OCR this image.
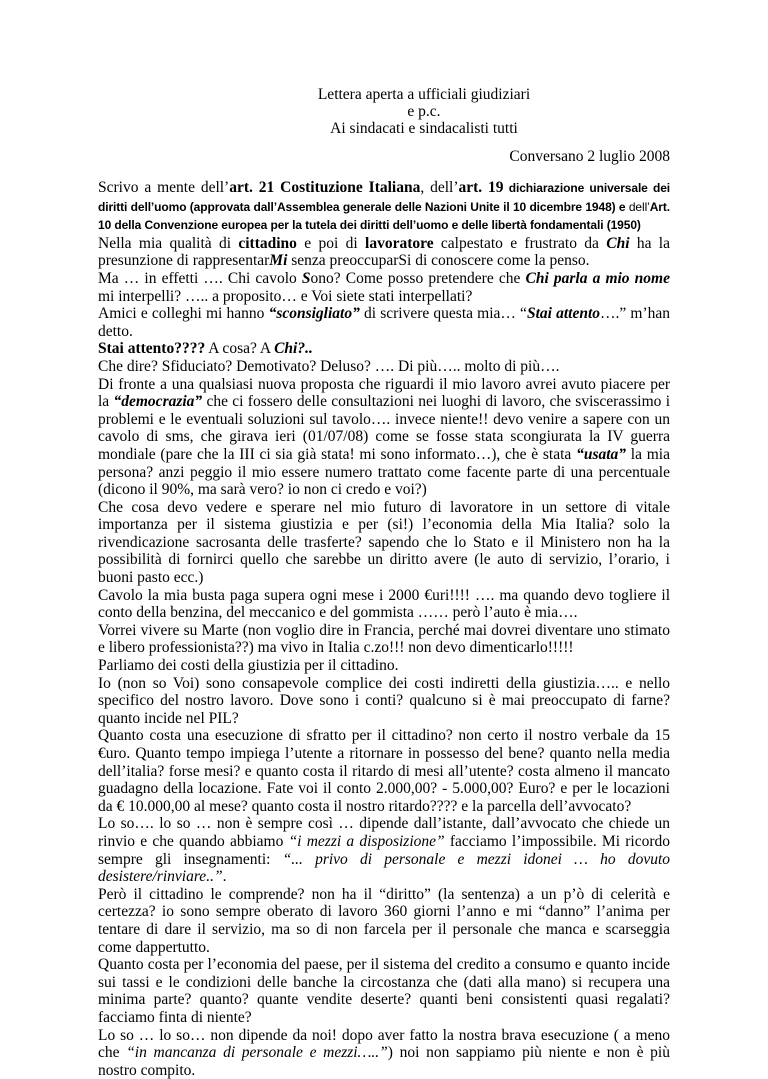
Lettera aperta a ufficiali giudiziari
e p.c.
Ai sindacati e sindacalisti tutti
Conversano 2 luglio 2008

Scrivo a mente dell’art. 21 Costituzione Italiana, dell’art. 19 dichiarazione universale dei diritti dell’uomo (approvata dall’Assemblea generale delle Nazioni Unite il 10 dicembre 1948) e dell’Art. 10 della Convenzione europea per la tutela dei diritti dell’uomo e delle libertà fondamentali (1950)

Nella mia qualità di cittadino e poi di lavoratore calpestato e frustrato da Chi ha la presunzione di rappresentarMi senza preoccuparSi di conoscere come la penso.

Ma … in effetti …. Chi cavolo Sono? Come posso pretendere che Chi parla a mio nome mi interpelli? ….. a proposito… e Voi siete stati interpellati?

Amici e colleghi mi hanno “sconsigliato” di scrivere questa mia… “Stai attento….” m’han detto.

Stai attento???? A cosa? A Chi?..

Che dire? Sfiduciato? Demotivato? Deluso? …. Di più….. molto di più….

Di fronte a una qualsiasi nuova proposta che riguardi il mio lavoro avrei avuto piacere per la “democrazia” che ci fossero delle consultazioni nei luoghi di lavoro, che sviscerassimo i problemi e le eventuali soluzioni sul tavolo…. invece niente!! devo venire a sapere con un cavolo di sms, che girava ieri (01/07/08) come se fosse stata scongiurata la IV guerra mondiale (pare che la III ci sia già stata! mi sono informato…), che è stata “usata” la mia persona? anzi peggio il mio essere numero trattato come facente parte di una percentuale (dicono il 90%, ma sarà vero? io non ci credo e voi?)

Che cosa devo vedere e sperare nel mio futuro di lavoratore in un settore di vitale importanza per il sistema giustizia e per (si!) l’economia della Mia Italia? solo la rivendicazione sacrosanta delle trasferte? sapendo che lo Stato e il Ministero non ha la possibilità di fornirci quello che sarebbe un diritto avere (le auto di servizio, l’orario, i buoni pasto ecc.)

Cavolo la mia busta paga supera ogni mese i 2000 €uri!!!! …. ma quando devo togliere il conto della benzina, del meccanico e del gommista …… però l’auto è mia….

Vorrei vivere su Marte (non voglio dire in Francia, perché mai dovrei diventare uno stimato e libero professionista??) ma vivo in Italia c.zo!!! non devo dimenticarlo!!!!!

Parliamo dei costi della giustizia per il cittadino.

Io (non so Voi) sono consapevole complice dei costi indiretti della giustizia….. e nello specifico del nostro lavoro. Dove sono i conti? qualcuno si è mai preoccupato di farne? quanto incide nel PIL?

Quanto costa una esecuzione di sfratto per il cittadino? non certo il nostro verbale da 15 €uro. Quanto tempo impiega l’utente a ritornare in possesso del bene? quanto nella media dell’italia? forse mesi? e quanto costa il ritardo di mesi all’utente? costa almeno il mancato guadagno della locazione. Fate voi il conto 2.000,00? - 5.000,00? Euro? e per le locazioni da € 10.000,00 al mese? quanto costa il nostro ritardo???? e la parcella dell’avvocato?

Lo so…. lo so … non è sempre così … dipende dall’istante, dall’avvocato che chiede un rinvio e che quando abbiamo “i mezzi a disposizione” facciamo l’impossibile. Mi ricordo sempre gli insegnamenti: “... privo di personale e mezzi idonei … ho dovuto desistere/rinviare..”.

Però il cittadino le comprende? non ha il “diritto” (la sentenza) a un p’ò di celerità e certezza? io sono sempre oberato di lavoro 360 giorni l’anno e mi “danno” l’anima per tentare di dare il servizio, ma so di non farcela per il personale che manca e scarseggia come dappertutto.

Quanto costa per l’economia del paese, per il sistema del credito a consumo e quanto incide sui tassi e le condizioni delle banche la circostanza che (dati alla mano) si recupera una minima parte? quanto? quante vendite deserte? quanti beni consistenti quasi regalati? facciamo finta di niente?

Lo so … lo so… non dipende da noi! dopo aver fatto la nostra brava esecuzione ( a meno che “in mancanza di personale e mezzi…..”) noi non sappiamo più niente e non è più nostro compito.
